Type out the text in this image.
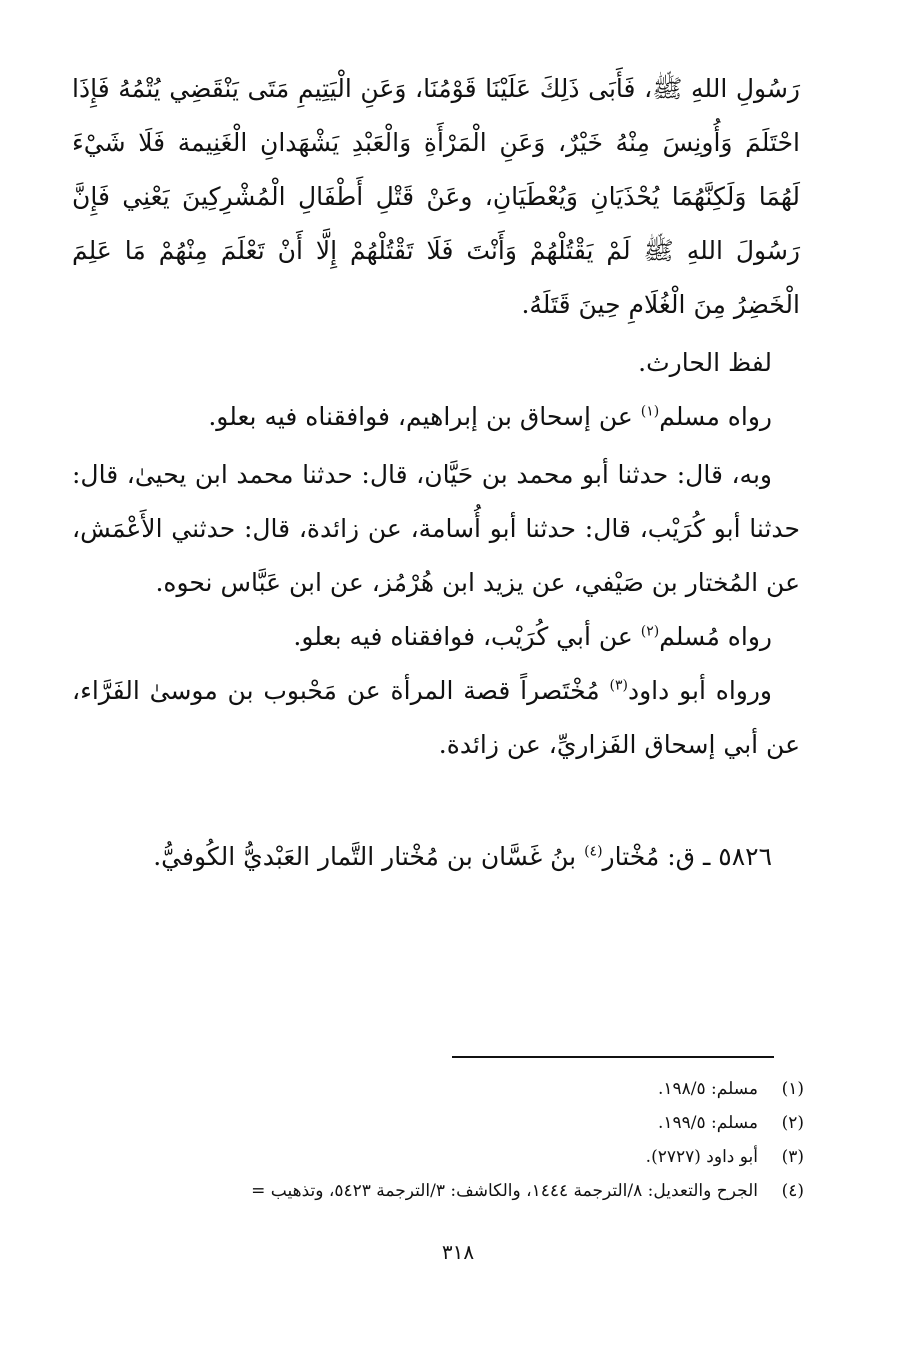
رَسُولِ اللهِ ﷺ، فَأَبَى ذَلِكَ عَلَيْنَا قَوْمُنَا، وَعَنِ الْيَتِيمِ مَتَى يَنْقَضِي يُتْمُهُ فَإِذَا احْتَلَمَ وَأُونِسَ مِنْهُ خَيْرٌ، وَعَنِ الْمَرْأَةِ وَالْعَبْدِ يَشْهَدانِ الْغَنِيمة فَلَا شَيْءَ لَهُمَا وَلَكِنَّهُمَا يُحْذَيَانِ وَيُعْطَيَانِ، وعَنْ قَتْلِ أَطْفَالِ الْمُشْرِكِينَ يَعْنِي فَإِنَّ رَسُولَ اللهِ ﷺ لَمْ يَقْتُلْهُمْ وَأَنْتَ فَلَا تَقْتُلْهُمْ إِلَّا أَنْ تَعْلَمَ مِنْهُمْ مَا عَلِمَ الْخَضِرُ مِنَ الْغُلَامِ حِينَ قَتَلَهُ.

لفظ الحارث.

رواه مسلم$^{(١)}$ عن إسحاق بن إبراهيم، فوافقناه فيه بعلو.

وبه، قال: حدثنا أبو محمد بن حَيَّان، قال: حدثنا محمد ابن يحيىٰ، قال: حدثنا أبو كُرَيْب، قال: حدثنا أبو أُسامة، عن زائدة، قال: حدثني الأَعْمَش، عن المُختار بن صَيْفي، عن يزيد ابن هُرْمُز، عن ابن عَبَّاس نحوه.

رواه مُسلم$^{(٢)}$ عن أبي كُرَيْب، فوافقناه فيه بعلو.

ورواه أبو داود$^{(٣)}$ مُخْتَصراً قصة المرأة عن مَحْبوب بن موسىٰ الفَرَّاء، عن أبي إسحاق الفَزاريِّ، عن زائدة.

٥٨٢٦ ـ ق: مُخْتار$^{(٤)}$ بنُ غَسَّان بن مُخْتار التَّمار العَبْديُّ الكُوفيُّ.

(١)
مسلم: ١٩٨/٥.
(٢)
مسلم: ١٩٩/٥.
(٣)
أبو داود (٢٧٢٧).
(٤)
الجرح والتعديل: ٨/الترجمة ١٤٤٤، والكاشف: ٣/الترجمة ٥٤٢٣، وتذهيب =
٣١٨
